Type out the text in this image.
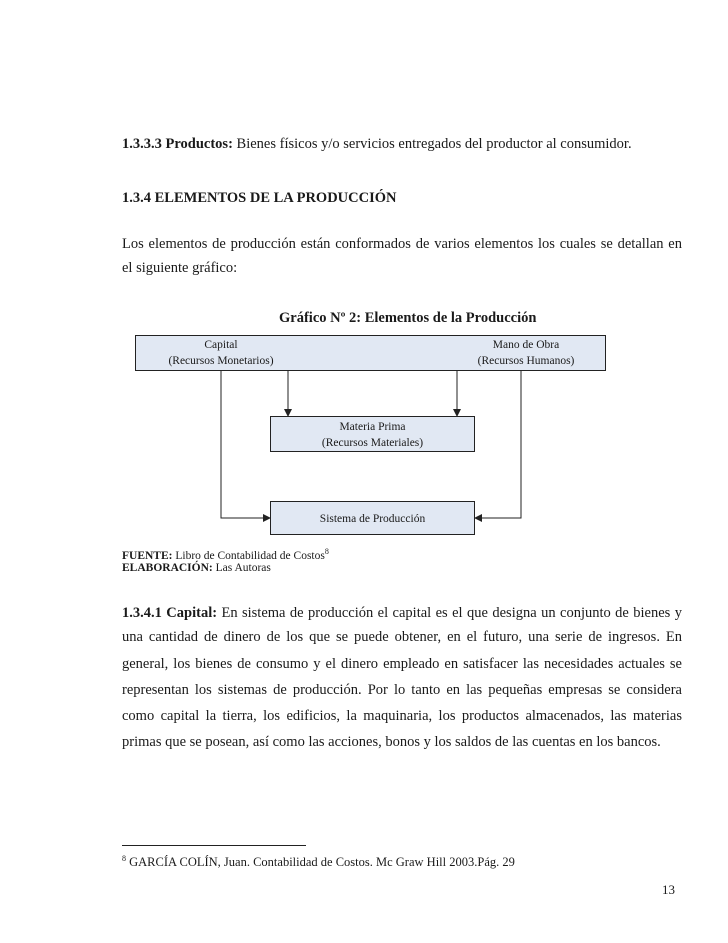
1.3.3.3 Productos: Bienes físicos y/o servicios entregados del productor al consumidor.
1.3.4 ELEMENTOS DE LA PRODUCCIÓN
Los elementos de producción están conformados de varios elementos los cuales se detallan en
el siguiente gráfico:
Gráfico Nº 2: Elementos de la Producción
Capital
(Recursos Monetarios)
Mano de Obra
(Recursos Humanos)
Materia Prima
(Recursos Materiales)
Sistema de Producción
FUENTE: Libro de Contabilidad de Costos$^8$
ELABORACIÓN: Las Autoras
1.3.4.1 Capital: En sistema de producción el capital es el que designa un conjunto de bienes y
una cantidad de dinero de los que se puede obtener, en el futuro, una serie de ingresos. En
general, los bienes de consumo y el dinero empleado en satisfacer las necesidades actuales se
representan los sistemas de producción. Por lo tanto en las pequeñas empresas se considera
como capital la tierra, los edificios, la maquinaria, los productos almacenados, las materias
primas que se posean, así como las acciones, bonos y los saldos de las cuentas en los bancos.
$^8$ GARCÍA COLÍN, Juan. Contabilidad de Costos. Mc Graw Hill 2003.Pág. 29
13
